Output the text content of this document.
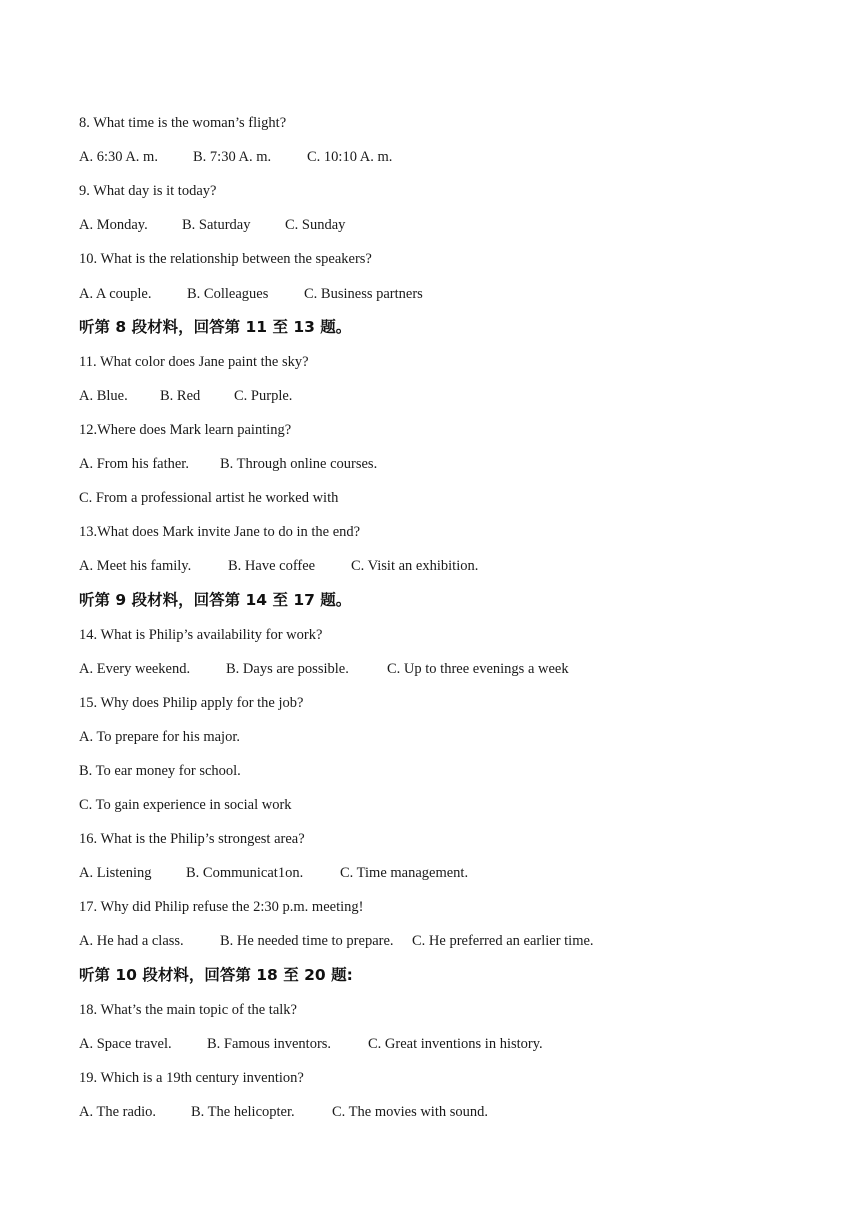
8. What time is the woman’s flight?

A. 6:30 A. m. B. 7:30 A. m. C. 10:10 A. m.

9. What day is it today?

A. Monday. B. Saturday C. Sunday

10. What is the relationship between the speakers?

A. A couple. B. Colleagues C. Business partners

听第 8 段材料，回答第 11 至 13 题。

11. What color does Jane paint the sky?

A. Blue. B. Red C. Purple.

12.Where does Mark learn painting?

A. From his father. B. Through online courses.

C. From a professional artist he worked with

13.What does Mark invite Jane to do in the end?

A. Meet his family.	B. Have coffee C. Visit an exhibition.

听第 9 段材料，回答第 14 至 17 题。

14. What is Philip’s availability for work?

A. Every weekend. B. Days are possible.	C. Up to three evenings a week

15. Why does Philip apply for the job?

A. To prepare for his major.

B. To ear money for school.

C. To gain experience in social work

16. What is the Philip’s strongest area?

A. Listening B. Communicat1on.	C. Time management.

17. Why did Philip refuse the 2:30 p.m. meeting!

A. He had a class.	B. He needed time to prepare. C. He preferred an earlier time.

听第 10 段材料，回答第 18 至 20 题:

18. What’s the main topic of the talk?

A. Space travel. B. Famous inventors.	C. Great inventions in history.

19. Which is a 19th century invention?

A. The radio. B. The helicopter.	C. The movies with sound.
